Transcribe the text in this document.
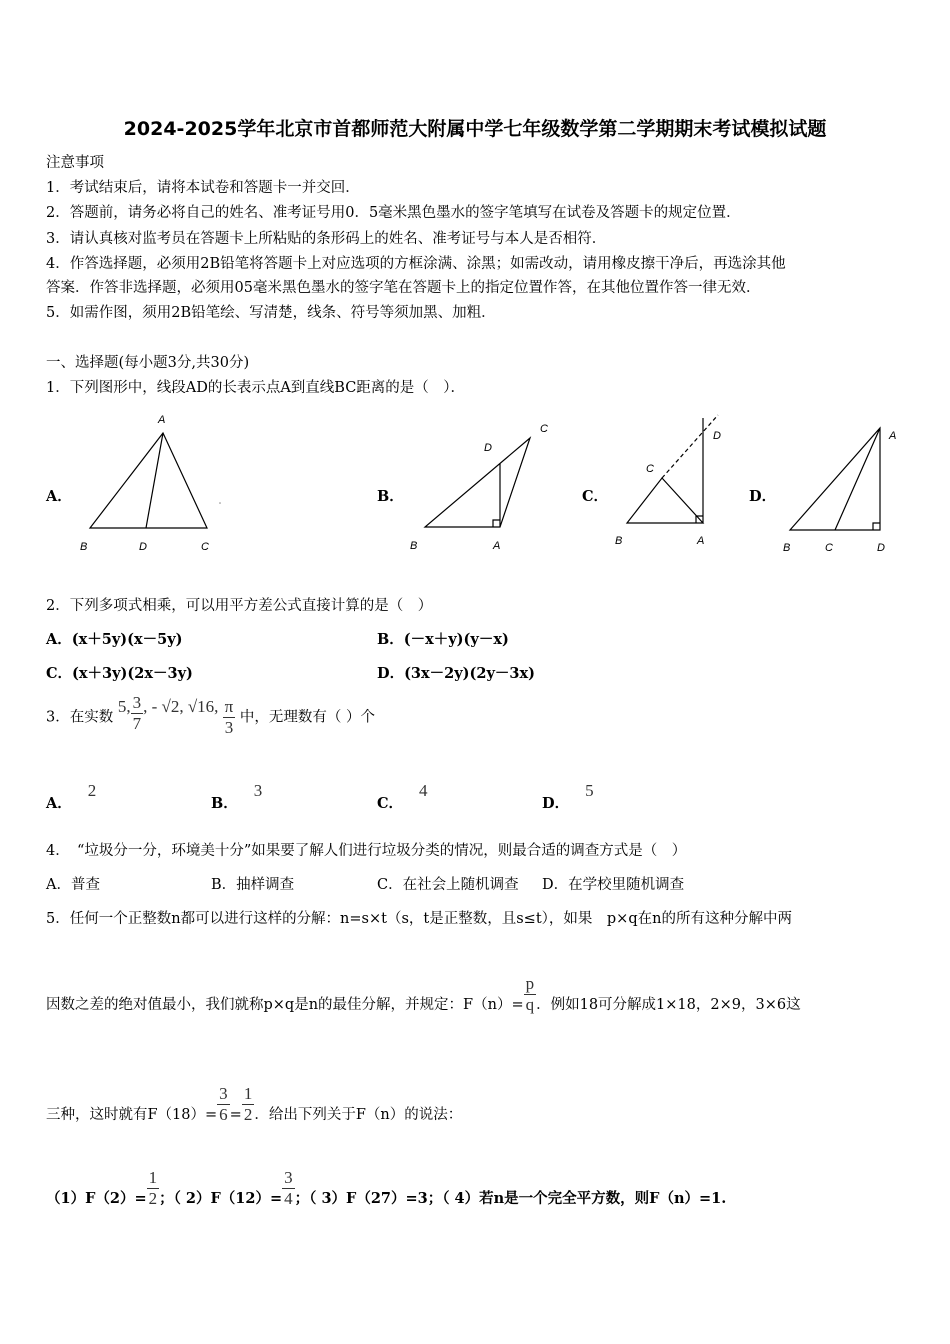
2024-2025学年北京市首都师范大附属中学七年级数学第二学期期末考试模拟试题
注意事项
1．考试结束后，请将本试卷和答题卡一并交回．
2．答题前，请务必将自己的姓名、准考证号用0．5毫米黑色墨水的签字笔填写在试卷及答题卡的规定位置．
3．请认真核对监考员在答题卡上所粘贴的条形码上的姓名、准考证号与本人是否相符．
4．作答选择题，必须用2B铅笔将答题卡上对应选项的方框涂满、涂黑；如需改动，请用橡皮擦干净后，再选涂其他
答案．作答非选择题，必须用05毫米黑色墨水的签字笔在答题卡上的指定位置作答，在其他位置作答一律无效．
5．如需作图，须用2B铅笔绘、写清楚，线条、符号等须加黑、加粗．
一、选择题(每小题3分,共30分)
1．下列图形中，线段AD的长表示点A到直线BC距离的是（　）．
A．	B．	C．	D．
A
B	D	C	B	A
D
C
C
B	A
D	A
B	C	D
2．下列多项式相乘，可以用平方差公式直接计算的是（　）
A．(x＋5y)(x－5y)	B．(－x＋y)(y－x)
C．(x＋3y)(2x－3y)	D．(3x－2y)(2y－3x)
3．在实数 5, $\frac{3}{7}$ , - √2, √16, $\frac{\pi}{3}$ 中，无理数有（ ）个
A．2
B．3
C．4
D．5
4．　“垃圾分一分，环境美十分”如果要了解人们进行垃圾分类的情况，则最合适的调查方式是（　）
A．普查	B．抽样调查	C．在社会上随机调查 D．在学校里随机调查
5．任何一个正整数n都可以进行这样的分解：n=s×t（s，t是正整数，且s≤t），如果　p×q在n的所有这种分解中两
因数之差的绝对值最小，我们就称p×q是n的最佳分解，并规定：$F(n)= \frac{p}{q}$ ．例如18可分解成1×18，2×9，3×6这
三种，这时就有$F(18)= \frac{3}{6} = \frac{1}{2}$ ．给出下列关于F（n）的说法：
$(1)F(2)= \frac{1}{2}$ ；（ $2)F(12)= \frac{3}{4}$ ；（ 3）F（27）=3；（ 4）若n是一个完全平方数，则F（n）=1.
